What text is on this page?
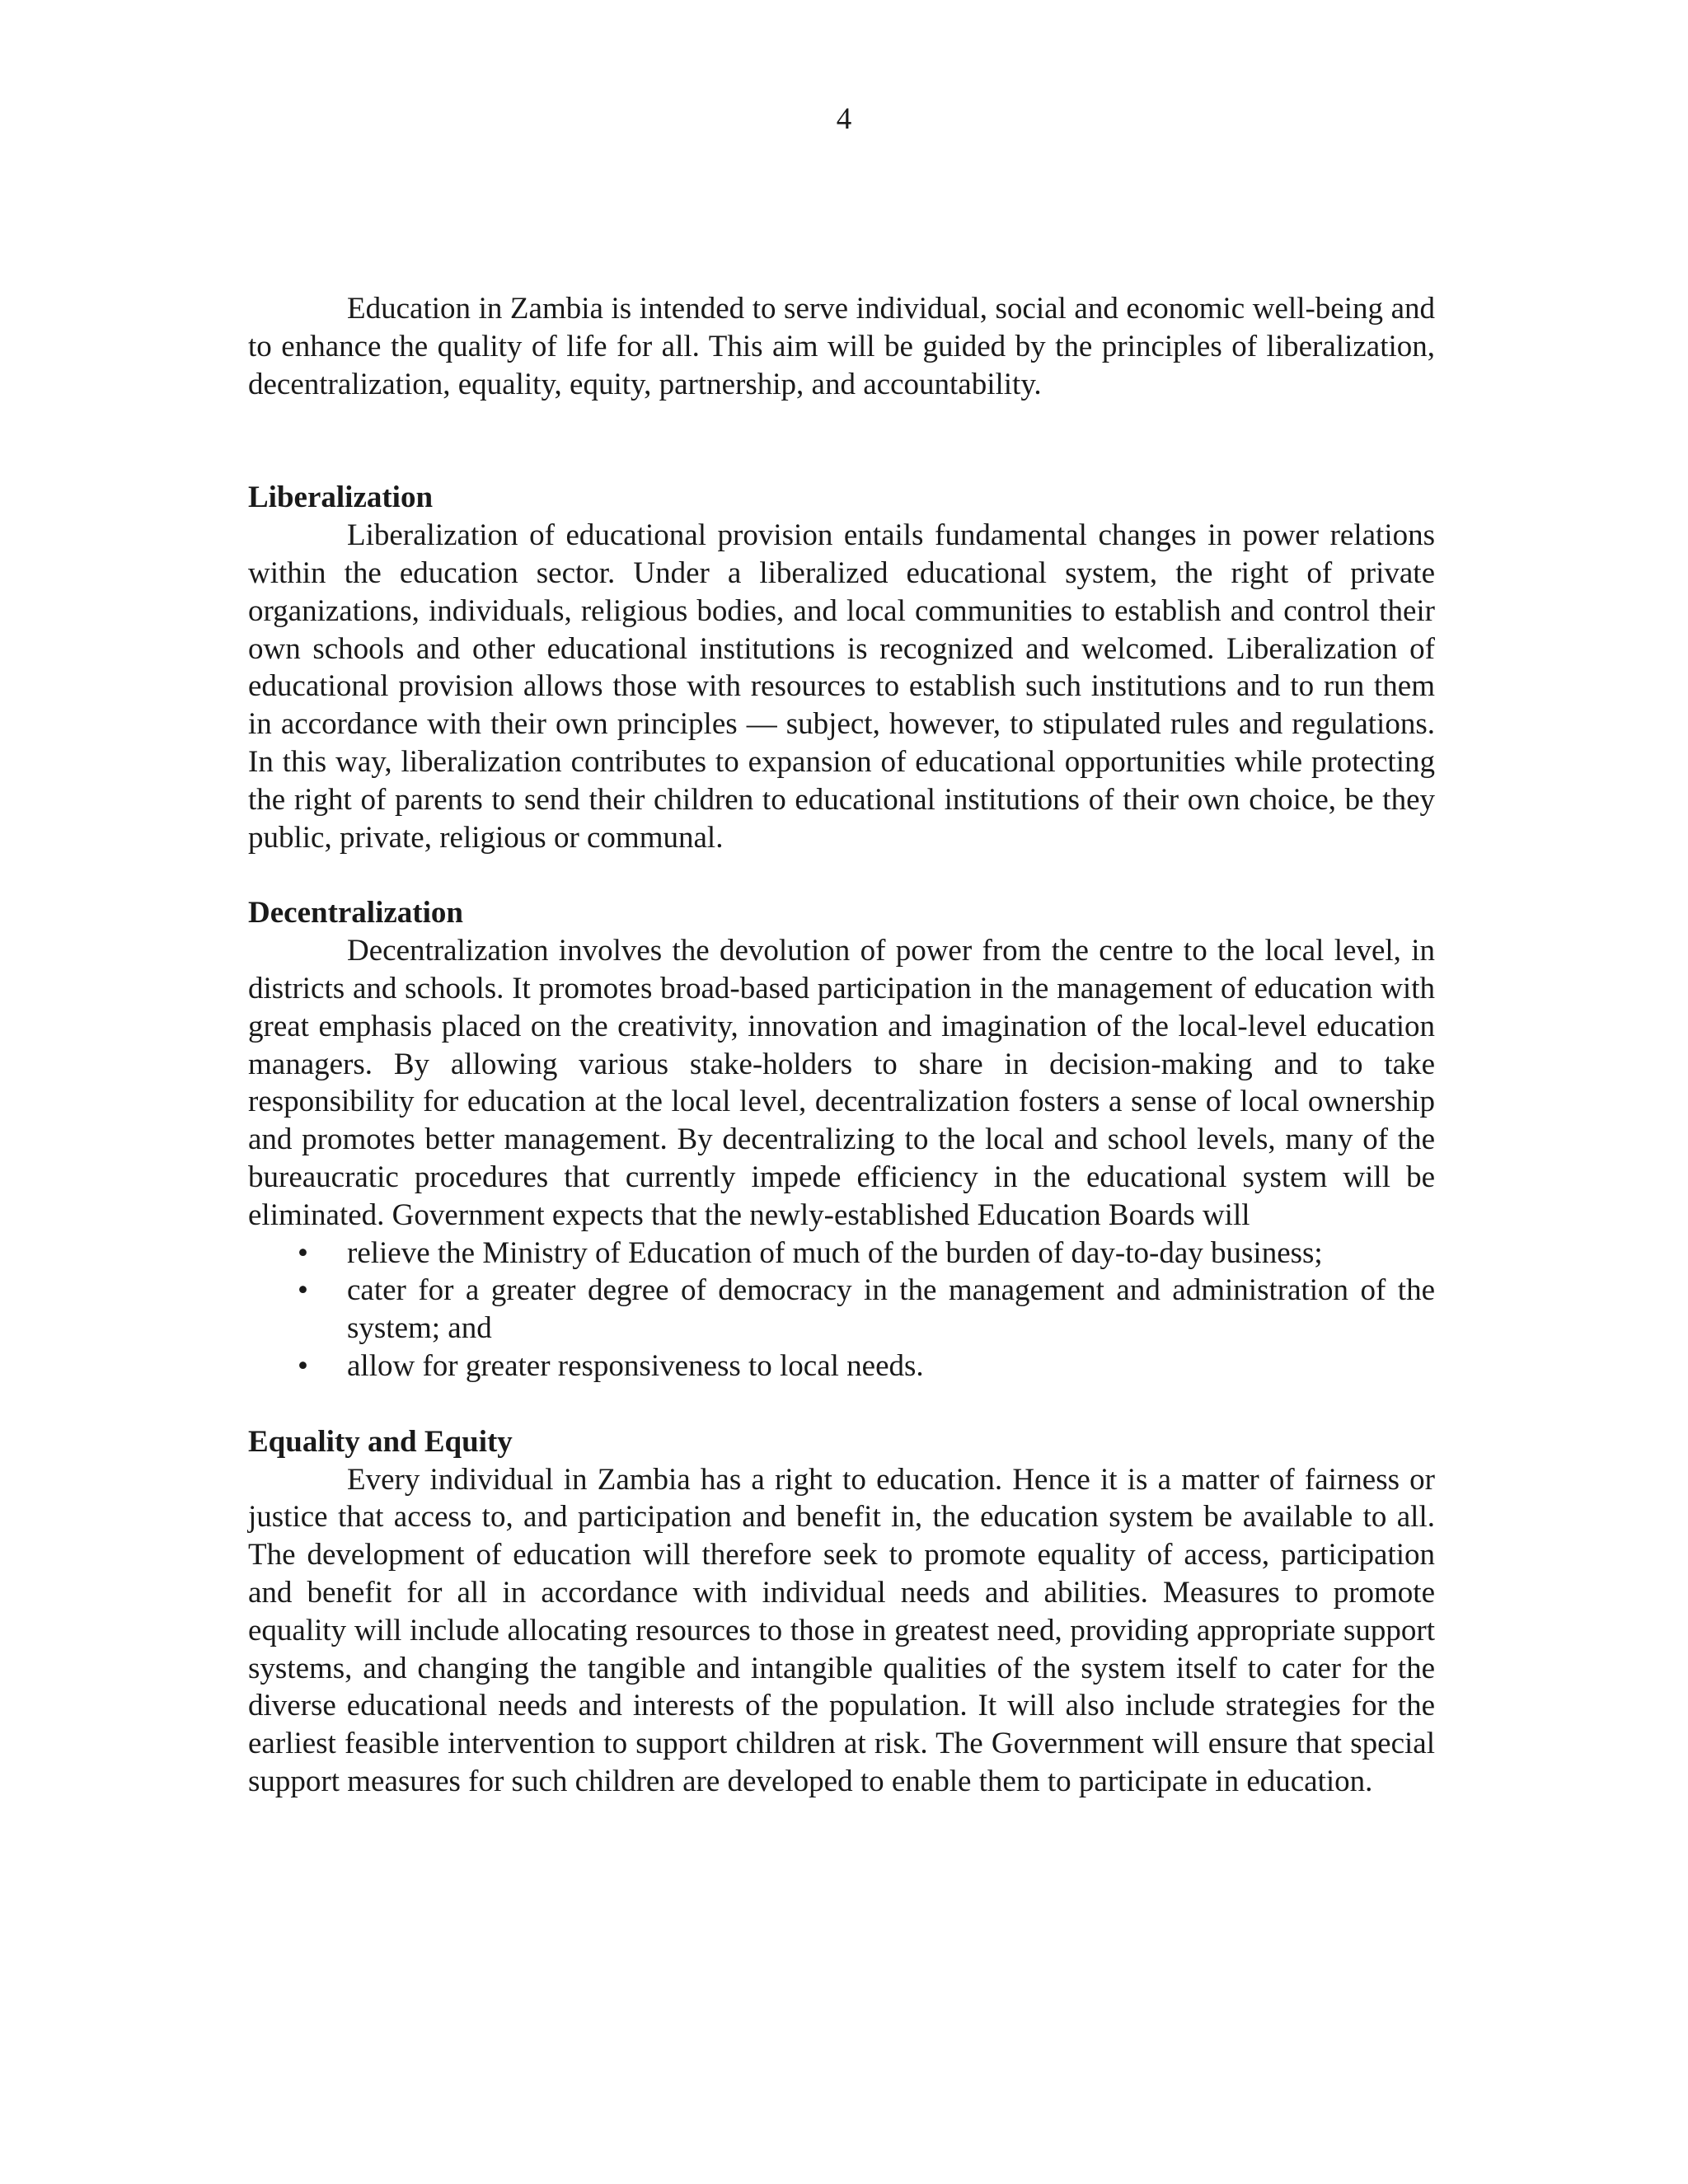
4

Education in Zambia is intended to serve individual, social and economic well-being and to enhance the quality of life for all. This aim will be guided by the principles of liberalization, decentralization, equality, equity, partnership, and accountability.

Liberalization

Liberalization of educational provision entails fundamental changes in power relations within the education sector. Under a liberalized educational system, the right of private organizations, individuals, religious bodies, and local communities to establish and control their own schools and other educational institutions is recognized and welcomed. Liberalization of educational provision allows those with resources to establish such institutions and to run them in accordance with their own principles — subject, however, to stipulated rules and regulations. In this way, liberalization contributes to expansion of educational opportunities while protecting the right of parents to send their children to educational institutions of their own choice, be they public, private, religious or communal.

Decentralization

Decentralization involves the devolution of power from the centre to the local level, in districts and schools. It promotes broad-based participation in the management of education with great emphasis placed on the creativity, innovation and imagination of the local-level education managers. By allowing various stake-holders to share in decision-making and to take responsibility for education at the local level, decentralization fosters a sense of local ownership and promotes better management. By decentralizing to the local and school levels, many of the bureaucratic procedures that currently impede efficiency in the educational system will be eliminated. Government expects that the newly-established Education Boards will

• relieve the Ministry of Education of much of the burden of day-to-day business;
• cater for a greater degree of democracy in the management and administration of the system; and
• allow for greater responsiveness to local needs.
Equality and Equity

Every individual in Zambia has a right to education. Hence it is a matter of fairness or justice that access to, and participation and benefit in, the education system be available to all. The development of education will therefore seek to promote equality of access, participation and benefit for all in accordance with individual needs and abilities. Measures to promote equality will include allocating resources to those in greatest need, providing appropriate support systems, and changing the tangible and intangible qualities of the system itself to cater for the diverse educational needs and interests of the population. It will also include strategies for the earliest feasible intervention to support children at risk. The Government will ensure that special support measures for such children are developed to enable them to participate in education.
